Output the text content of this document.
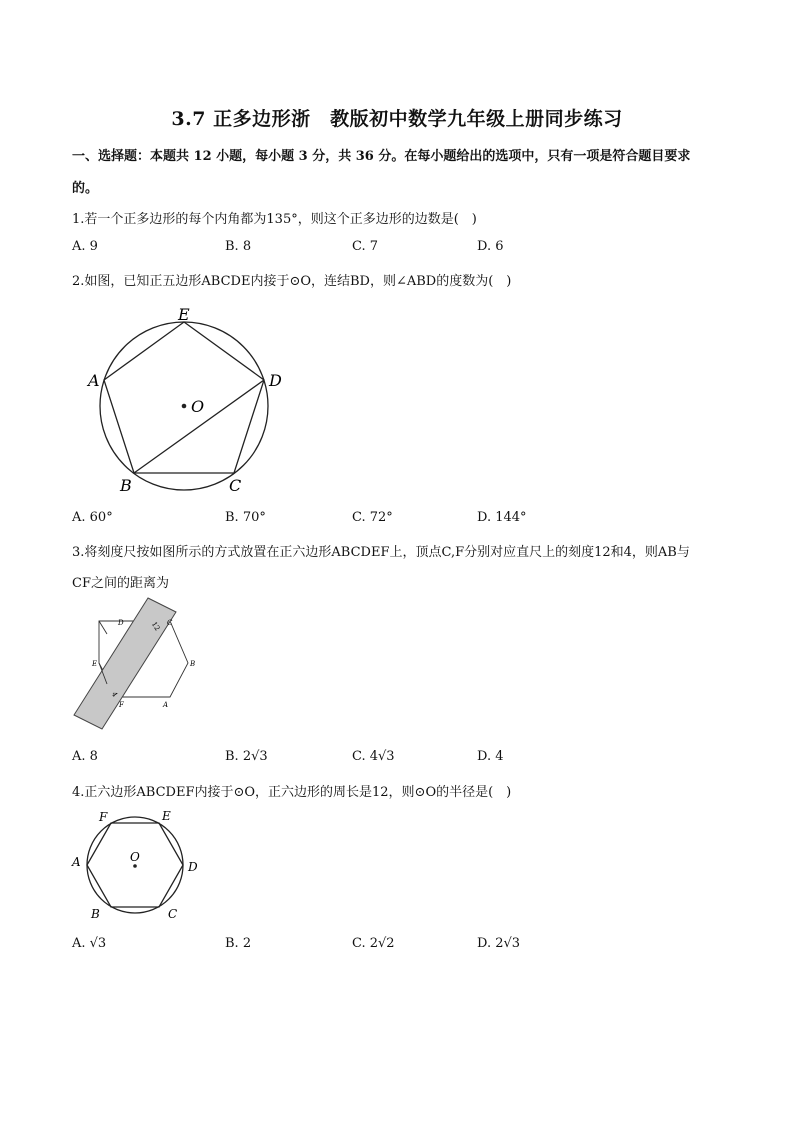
3.7 正多边形浙　教版初中数学九年级上册同步练习
一、选择题：本题共 12 小题，每小题 3 分，共 36 分。在每小题给出的选项中，只有一项是符合题目要求
的。
1.若一个正多边形的每个内角都为135°，则这个正多边形的边数是(　)
A. 9	B. 8	C. 7	D. 6
2.如图，已知正五边形ABCDE内接于⊙O，连结BD，则∠ABD的度数为(　)
E
A	D
B	C
O
A. 60°	B. 70°	C. 72°	D. 144°
3.将刻度尺按如图所示的方式放置在正六边形ABCDEF上，顶点C,F分别对应直尺上的刻度12和4，则AB与
CF之间的距离为
D	C
B
A
E
F
12
4
A. 8	B. 2√3	C. 4√3	D. 4
4.正六边形ABCDEF内接于⊙O，正六边形的周长是12，则⊙O的半径是(　)
F	E
A	D
B	C
O
A. √3	B. 2	C. 2√2	D. 2√3
